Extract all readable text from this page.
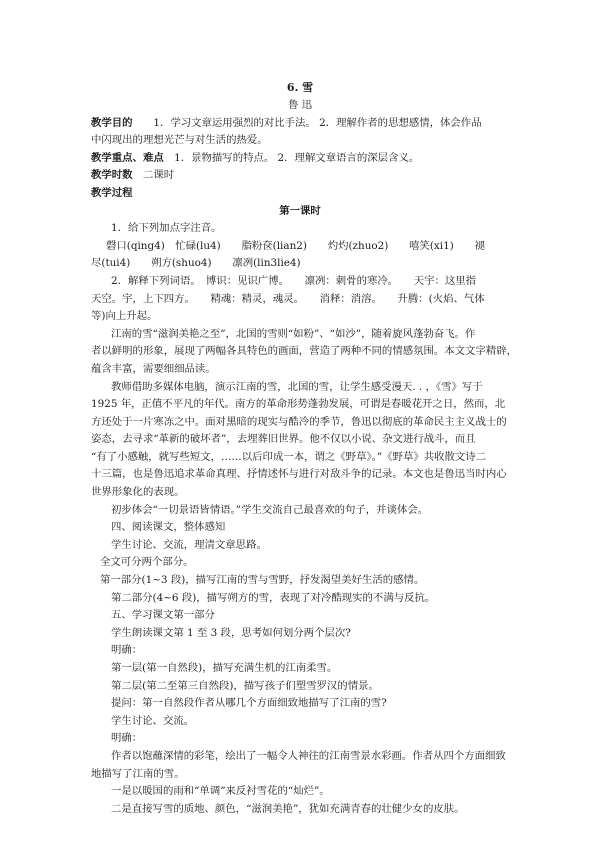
6. 雪
鲁 迅
教学目的　　 1．学习文章运用强烈的对比手法。 2．理解作者的思想感情，体会作品
中闪现出的理想光芒与对生活的热爱。
教学重点、难点　 1．景物描写的特点。 2．理解文章语言的深层含义。
教学时数　 二课时
教学过程
第一课时
1．给下列加点字注音。
磬口(qing4)　忙碌(lu4)　　脂粉奁(lian2)　　灼灼(zhuo2)　　嘻笑(xi1)　　褪
尽(tui4)　　朔方(shuo4)　　凛冽(lin3lie4)
2．解释下列词语。　博识：见识广博。　　凛冽：刺骨的寒冷。　　天宇：这里指
天空。宇，上下四方。　　精魂：精灵，魂灵。　　消释：消溶。　　升腾：(火焰、气体
等)向上升起。
江南的雪“滋润美艳之至”，北国的雪则“如粉”、“如沙”，随着旋风蓬勃奋飞。作
者以鲜明的形象，展现了两幅各具特色的画面，营造了两种不同的情感氛围。本文文字精辟，
蕴含丰富，需要细细品读。
教师借助多媒体电脑，演示江南的雪，北国的雪，让学生感受漫天. . ，《雪》写于
1925 年，正值不平凡的年代。南方的革命形势蓬勃发展，可谓是春暖花开之日，然而，北
方还处于一片寒冻之中。面对黑暗的现实与酷冷的季节，鲁迅以彻底的革命民主主义战士的
姿态，去寻求“革新的破坏者”，去埋葬旧世界。他不仅以小说、杂文进行战斗，而且
“有了小感触，就写些短文，……以后印成一本，谓之《野草》。”《野草》共收散文诗二
十三篇，也是鲁迅追求革命真理、抒情述怀与进行对敌斗争的记录。本文也是鲁迅当时内心
世界形象化的表现。
初步体会“一切景语皆情语。”学生交流自己最喜欢的句子，并谈体会。
四、阅读课文，整体感知
学生讨论、交流，理清文章思路。
全文可分两个部分。
第一部分(1~3 段)，描写江南的雪与雪野，抒发渴望美好生活的感情。
第二部分(4~6 段)，描写朔方的雪，表现了对冷酷现实的不满与反抗。
五、学习课文第一部分
学生朗读课文第 1 至 3 段，思考如何划分两个层次?
明确：
第一层(第一自然段)，描写充满生机的江南柔雪。
第二层(第二至第三自然段)，描写孩子们塑雪罗汉的情景。
提问：第一自然段作者从哪几个方面细致地描写了江南的雪?
学生讨论、交流。
明确：
作者以饱蘸深情的彩笔，绘出了一幅令人神往的江南雪景水彩画。作者从四个方面细致
地描写了江南的雪。
一是以暖国的雨和“单调”来反衬雪花的“灿烂”。
二是直接写雪的质地、颜色，“滋润美艳”，犹如充满青春的壮健少女的皮肤。
